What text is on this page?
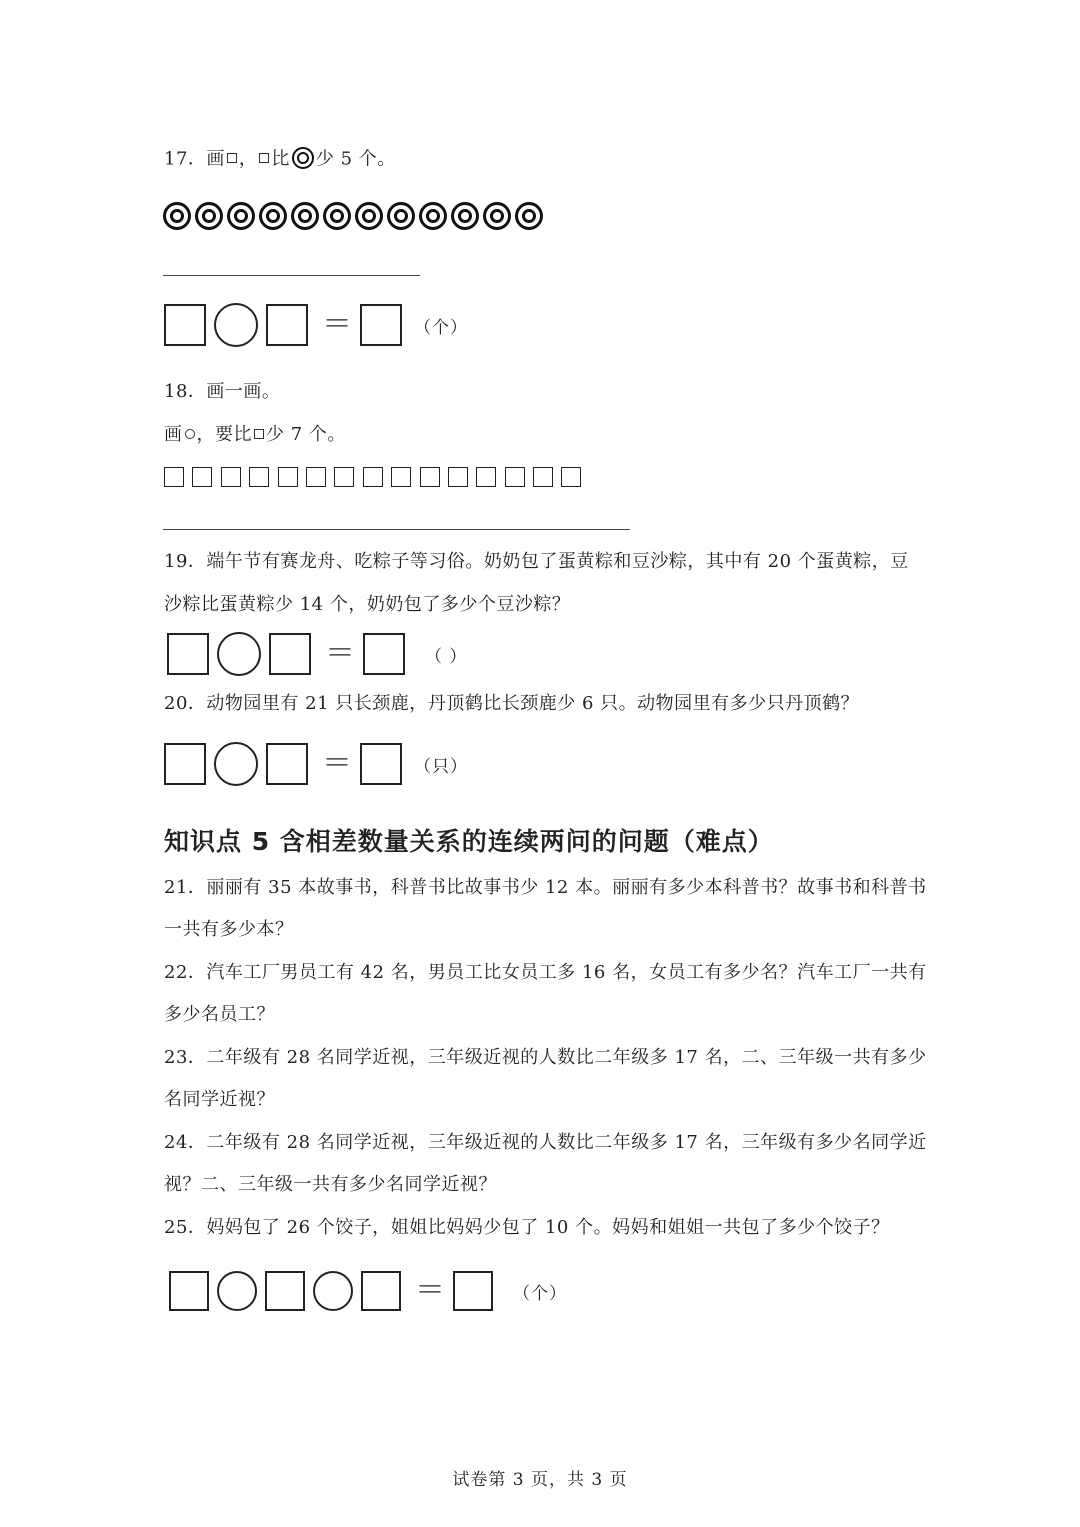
17．画 ， 比 少 5 个。
＝	（个）
18．画一画。
画 ，要比 少 7 个。
19．端午节有赛龙舟、吃粽子等习俗。奶奶包了蛋黄粽和豆沙粽，其中有 20 个蛋黄粽，豆
沙粽比蛋黄粽少 14 个，奶奶包了多少个豆沙粽？
＝	（ ）
20．动物园里有 21 只长颈鹿，丹顶鹤比长颈鹿少 6 只。动物园里有多少只丹顶鹤？
＝	（只）
知识点 5 含相差数量关系的连续两问的问题（难点）
21．丽丽有 35 本故事书，科普书比故事书少 12 本。丽丽有多少本科普书？故事书和科普书
一共有多少本？
22．汽车工厂男员工有 42 名，男员工比女员工多 16 名，女员工有多少名？汽车工厂一共有
多少名员工？
23．二年级有 28 名同学近视，三年级近视的人数比二年级多 17 名，二、三年级一共有多少
名同学近视？
24．二年级有 28 名同学近视，三年级近视的人数比二年级多 17 名，三年级有多少名同学近
视？二、三年级一共有多少名同学近视？
25．妈妈包了 26 个饺子，姐姐比妈妈少包了 10 个。妈妈和姐姐一共包了多少个饺子？
＝	（个）
试卷第 3 页，共 3 页
